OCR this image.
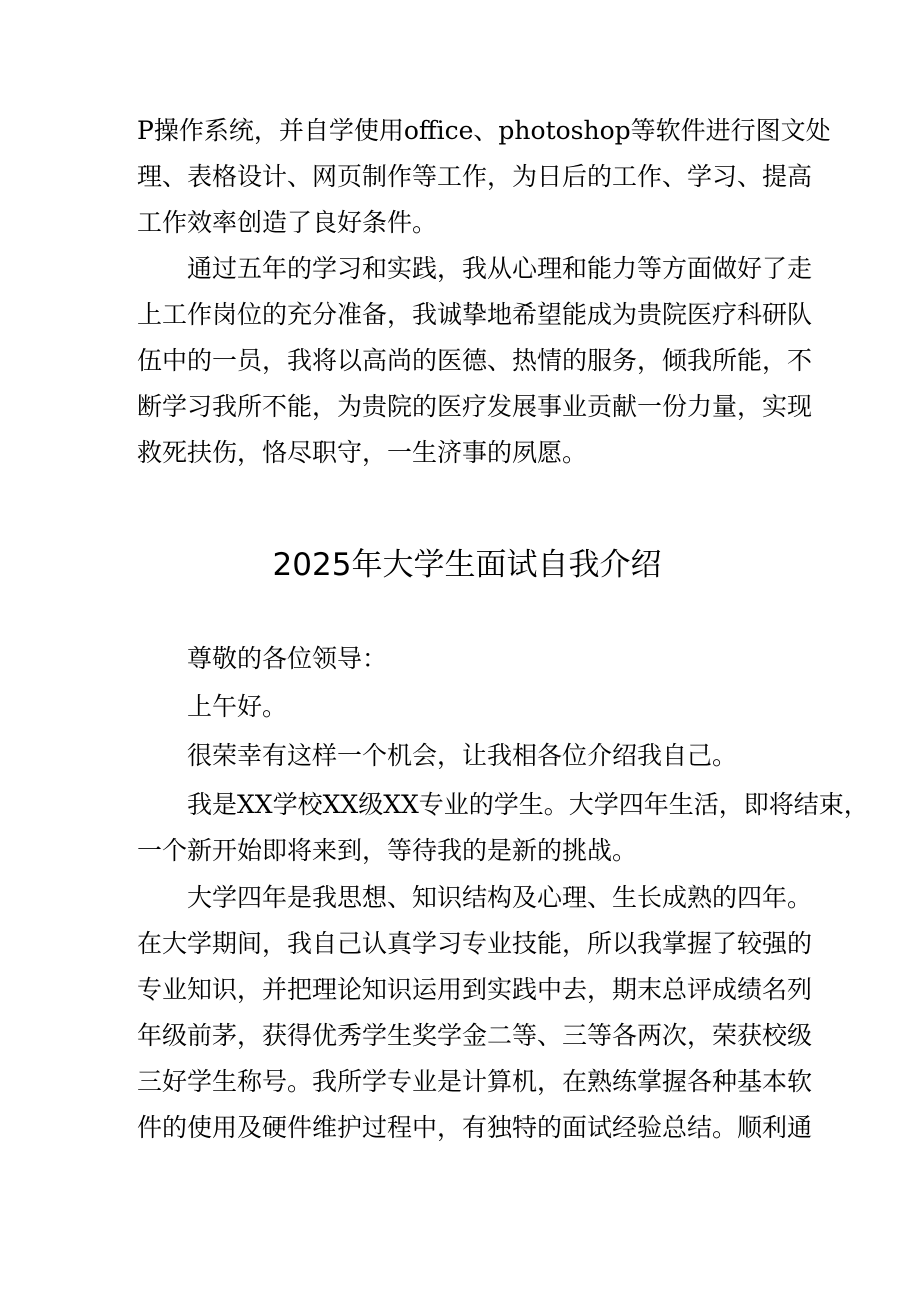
P操作系统，并自学使用office、photoshop等软件进行图文处
理、表格设计、网页制作等工作，为日后的工作、学习、提高
工作效率创造了良好条件。
通过五年的学习和实践，我从心理和能力等方面做好了走
上工作岗位的充分准备，我诚挚地希望能成为贵院医疗科研队
伍中的一员，我将以高尚的医德、热情的服务，倾我所能，不
断学习我所不能，为贵院的医疗发展事业贡献一份力量，实现
救死扶伤，恪尽职守，一生济事的夙愿。
2025年大学生面试自我介绍
尊敬的各位领导：
上午好。
很荣幸有这样一个机会，让我相各位介绍我自己。
我是XX学校XX级XX专业的学生。大学四年生活，即将结束，
一个新开始即将来到，等待我的是新的挑战。
大学四年是我思想、知识结构及心理、生长成熟的四年。
在大学期间，我自己认真学习专业技能，所以我掌握了较强的
专业知识，并把理论知识运用到实践中去，期末总评成绩名列
年级前茅，获得优秀学生奖学金二等、三等各两次，荣获校级
三好学生称号。我所学专业是计算机，在熟练掌握各种基本软
件的使用及硬件维护过程中，有独特的面试经验总结。顺利通
